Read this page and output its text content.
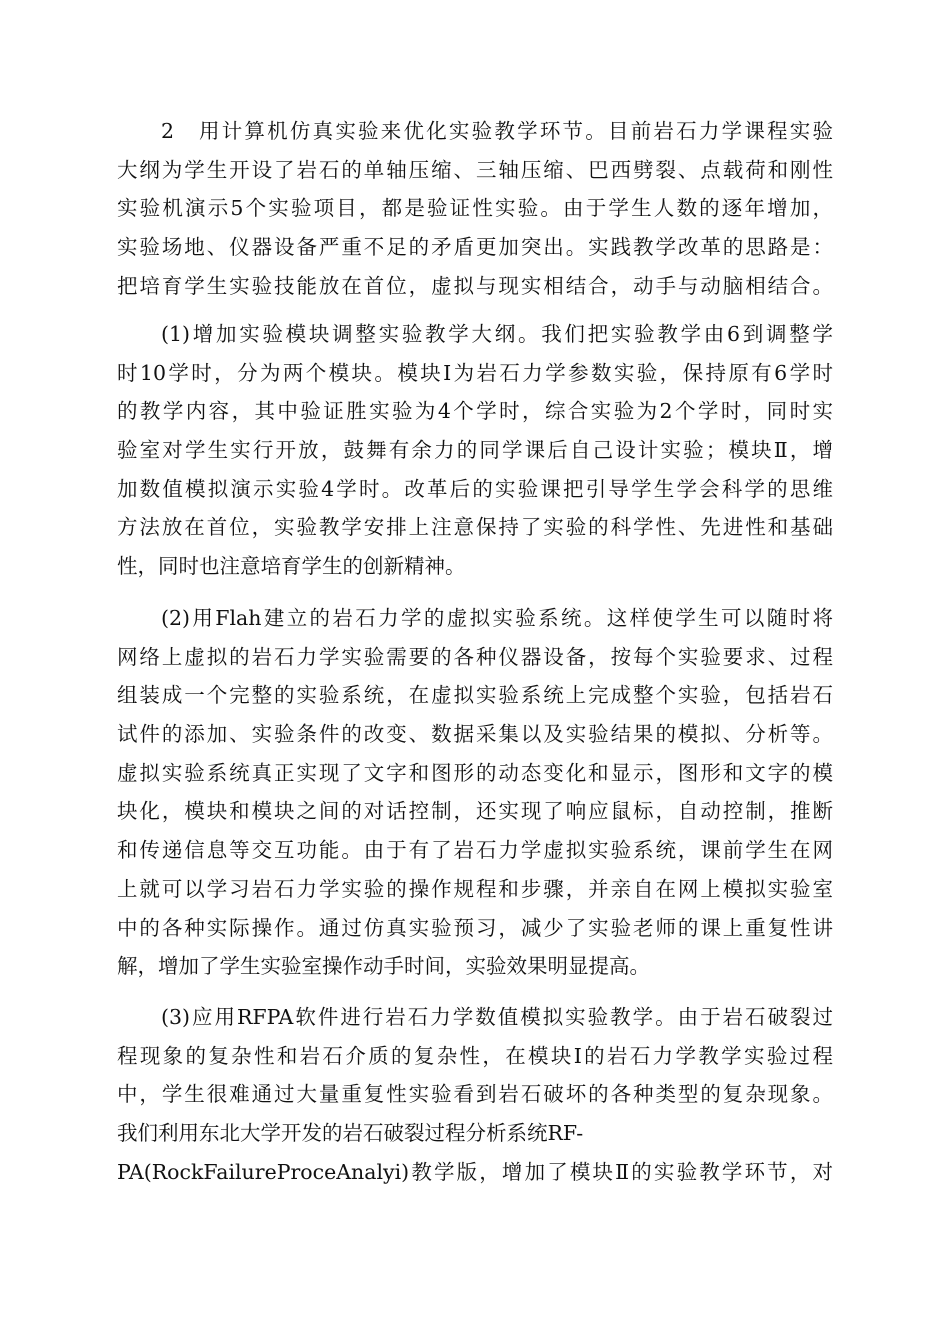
2　用计算机仿真实验来优化实验教学环节。目前岩石力学课程实验
大纲为学生开设了岩石的单轴压缩、三轴压缩、巴西劈裂、点载荷和刚性
实验机演示5个实验项目，都是验证性实验。由于学生人数的逐年增加，
实验场地、仪器设备严重不足的矛盾更加突出。实践教学改革的思路是：
把培育学生实验技能放在首位，虚拟与现实相结合，动手与动脑相结合。
(1)增加实验模块调整实验教学大纲。我们把实验教学由6到调整学
时10学时，分为两个模块。模块Ⅰ为岩石力学参数实验，保持原有6学时
的教学内容，其中验证胜实验为4个学时，综合实验为2个学时，同时实
验室对学生实行开放，鼓舞有余力的同学课后自己设计实验；模块Ⅱ，增
加数值模拟演示实验4学时。改革后的实验课把引导学生学会科学的思维
方法放在首位，实验教学安排上注意保持了实验的科学性、先进性和基础
性，同时也注意培育学生的创新精神。
(2)用Flah建立的岩石力学的虚拟实验系统。这样使学生可以随时将
网络上虚拟的岩石力学实验需要的各种仪器设备，按每个实验要求、过程
组装成一个完整的实验系统，在虚拟实验系统上完成整个实验，包括岩石
试件的添加、实验条件的改变、数据采集以及实验结果的模拟、分析等。
虚拟实验系统真正实现了文字和图形的动态变化和显示，图形和文字的模
块化，模块和模块之间的对话控制，还实现了响应鼠标，自动控制，推断
和传递信息等交互功能。由于有了岩石力学虚拟实验系统，课前学生在网
上就可以学习岩石力学实验的操作规程和步骤，并亲自在网上模拟实验室
中的各种实际操作。通过仿真实验预习，减少了实验老师的课上重复性讲
解，增加了学生实验室操作动手时间，实验效果明显提高。
(3)应用RFPA软件进行岩石力学数值模拟实验教学。由于岩石破裂过
程现象的复杂性和岩石介质的复杂性，在模块Ⅰ的岩石力学教学实验过程
中，学生很难通过大量重复性实验看到岩石破坏的各种类型的复杂现象。
我们利用东北大学开发的岩石破裂过程分析系统RF-
PA(RockFailureProceAnalyi)教学版，增加了模块Ⅱ的实验教学环节，对
